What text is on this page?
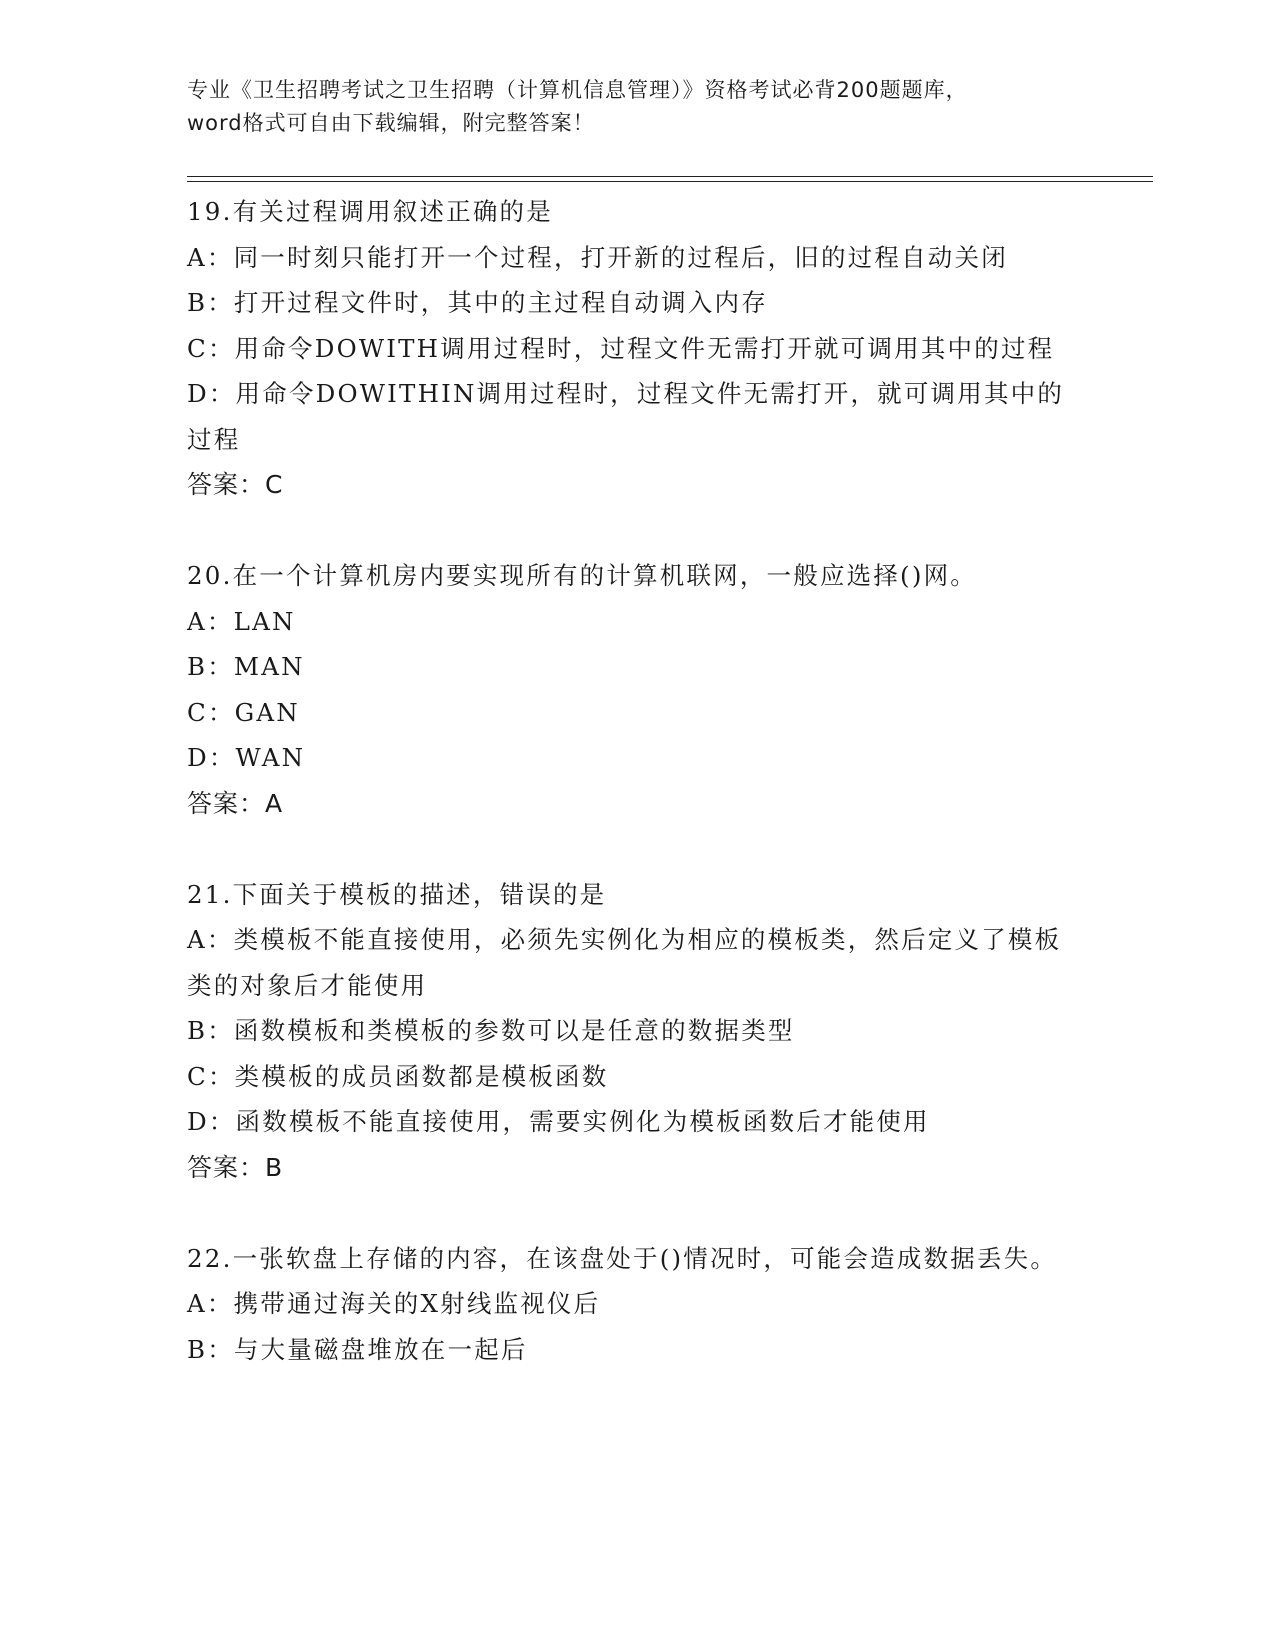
专业《卫生招聘考试之卫生招聘（计算机信息管理）》资格考试必背200题题库，
word格式可自由下载编辑，附完整答案！
19.有关过程调用叙述正确的是
A：同一时刻只能打开一个过程，打开新的过程后，旧的过程自动关闭
B：打开过程文件时，其中的主过程自动调入内存
C：用命令DOWITH调用过程时，过程文件无需打开就可调用其中的过程
D：用命令DOWITHIN调用过程时，过程文件无需打开，就可调用其中的过程
答案：C
20.在一个计算机房内要实现所有的计算机联网，一般应选择()网。
A：LAN
B：MAN
C：GAN
D：WAN
答案：A
21.下面关于模板的描述，错误的是
A：类模板不能直接使用，必须先实例化为相应的模板类，然后定义了模板类的对象后才能使用
B：函数模板和类模板的参数可以是任意的数据类型
C：类模板的成员函数都是模板函数
D：函数模板不能直接使用，需要实例化为模板函数后才能使用
答案：B
22.一张软盘上存储的内容，在该盘处于()情况时，可能会造成数据丢失。
A：携带通过海关的X射线监视仪后
B：与大量磁盘堆放在一起后
